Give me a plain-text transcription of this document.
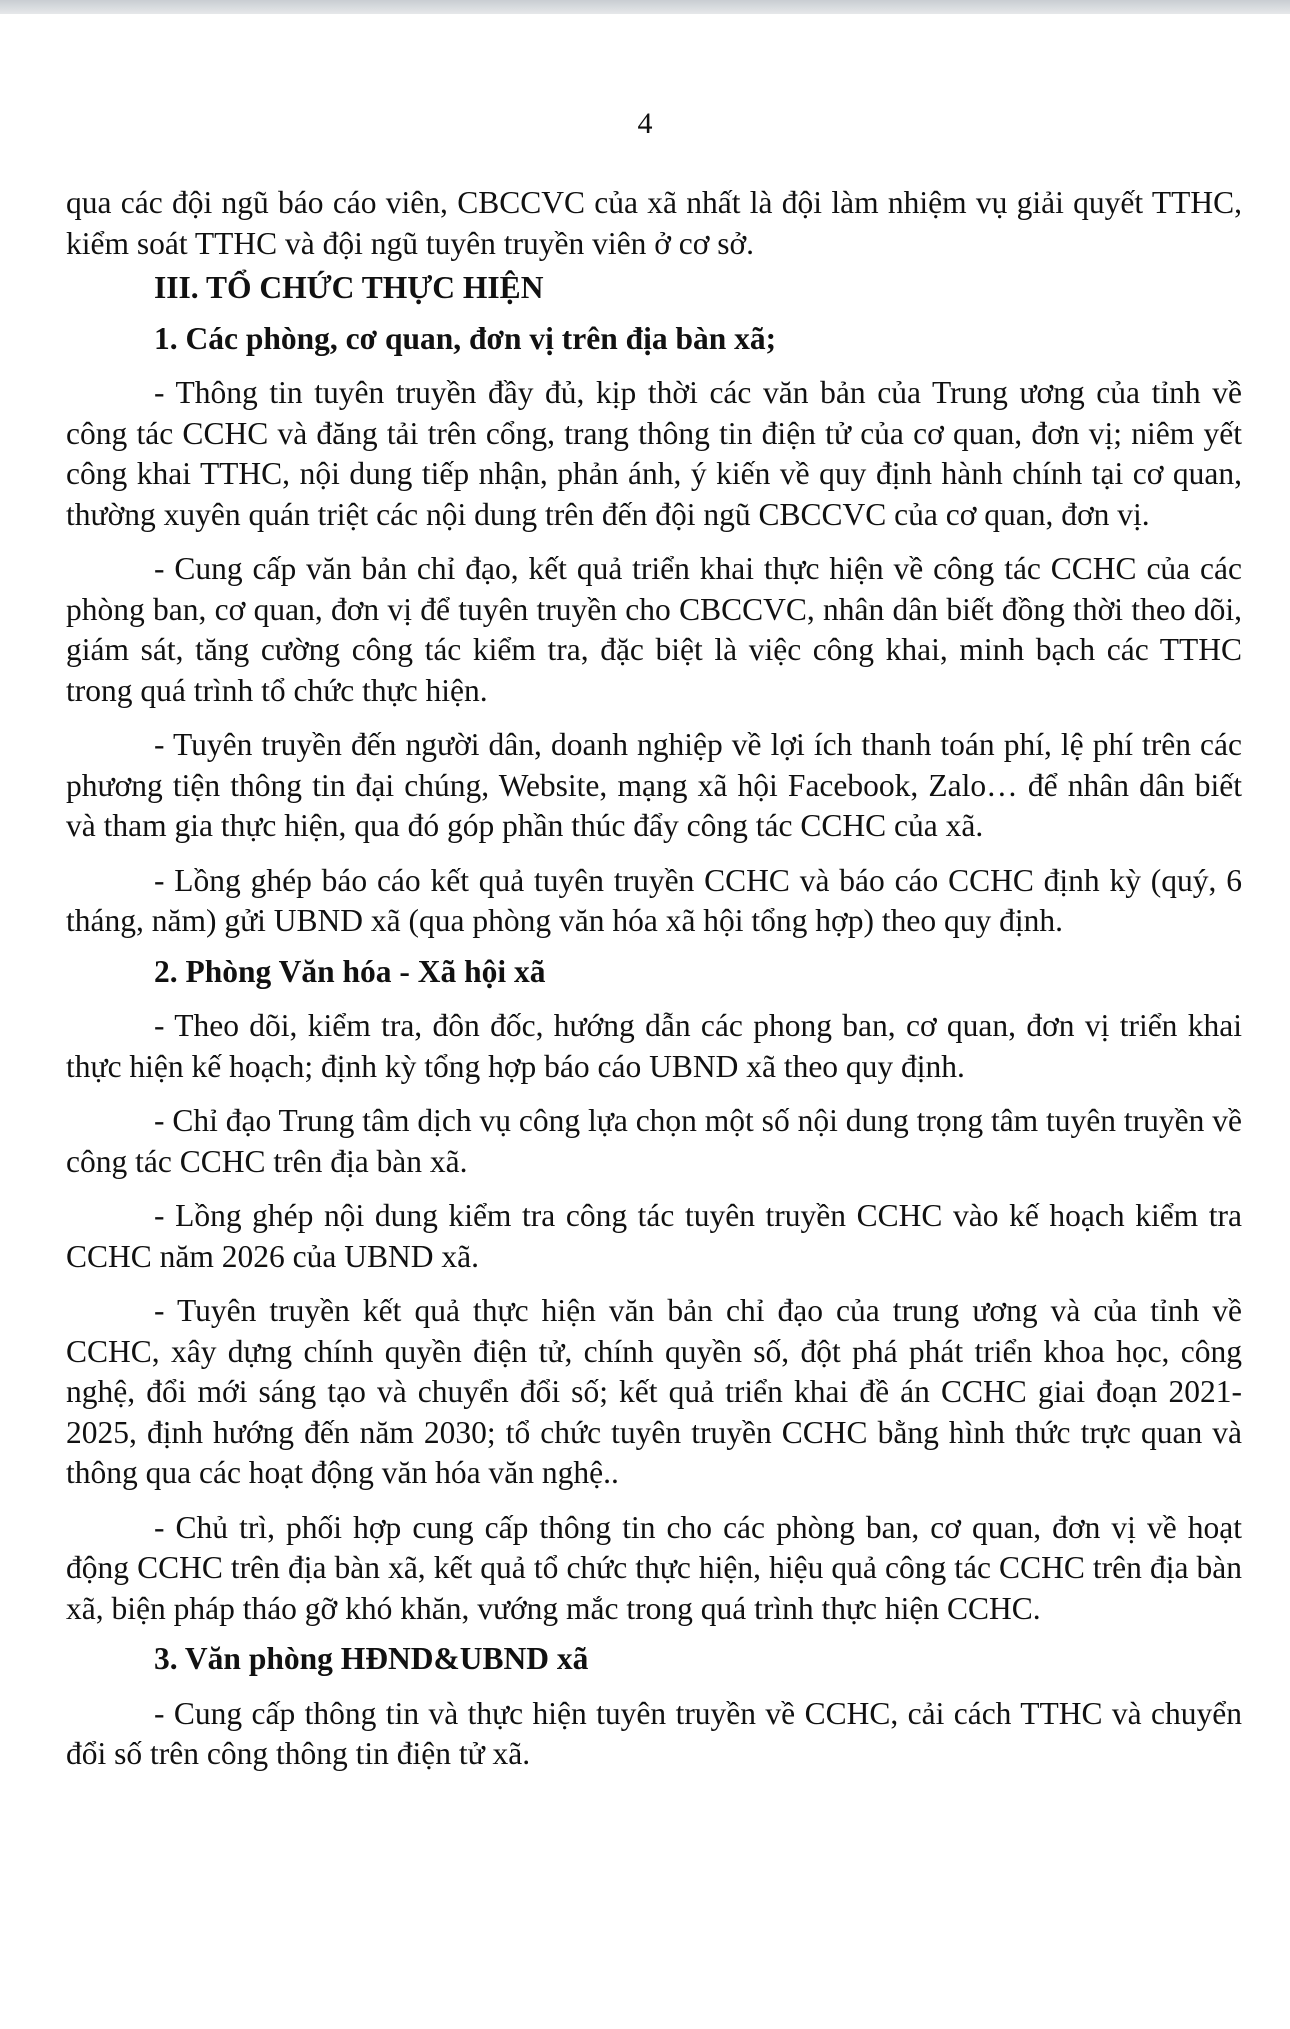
4

qua các đội ngũ báo cáo viên, CBCCVC của xã nhất là đội làm nhiệm vụ giải quyết TTHC, kiểm soát TTHC và đội ngũ tuyên truyền viên ở cơ sở.

III. TỔ CHỨC THỰC HIỆN
1. Các phòng, cơ quan, đơn vị trên địa bàn xã;

- Thông tin tuyên truyền đầy đủ, kịp thời các văn bản của Trung ương của tỉnh về công tác CCHC và đăng tải trên cổng, trang thông tin điện tử của cơ quan, đơn vị; niêm yết công khai TTHC, nội dung tiếp nhận, phản ánh, ý kiến về quy định hành chính tại cơ quan, thường xuyên quán triệt các nội dung trên đến đội ngũ CBCCVC của cơ quan, đơn vị.

- Cung cấp văn bản chỉ đạo, kết quả triển khai thực hiện về công tác CCHC của các phòng ban, cơ quan, đơn vị để tuyên truyền cho CBCCVC, nhân dân biết đồng thời theo dõi, giám sát, tăng cường công tác kiểm tra, đặc biệt là việc công khai, minh bạch các TTHC trong quá trình tổ chức thực hiện.

- Tuyên truyền đến người dân, doanh nghiệp về lợi ích thanh toán phí, lệ phí trên các phương tiện thông tin đại chúng, Website, mạng xã hội Facebook, Zalo… để nhân dân biết và tham gia thực hiện, qua đó góp phần thúc đẩy công tác CCHC của xã.

- Lồng ghép báo cáo kết quả tuyên truyền CCHC và báo cáo CCHC định kỳ (quý, 6 tháng, năm) gửi UBND xã (qua phòng văn hóa xã hội tổng hợp) theo quy định.

2. Phòng Văn hóa - Xã hội xã

- Theo dõi, kiểm tra, đôn đốc, hướng dẫn các phong ban, cơ quan, đơn vị triển khai thực hiện kế hoạch; định kỳ tổng hợp báo cáo UBND xã theo quy định.

- Chỉ đạo Trung tâm dịch vụ công lựa chọn một số nội dung trọng tâm tuyên truyền về công tác CCHC trên địa bàn xã.

- Lồng ghép nội dung kiểm tra công tác tuyên truyền CCHC vào kế hoạch kiểm tra CCHC năm 2026 của UBND xã.

- Tuyên truyền kết quả thực hiện văn bản chỉ đạo của trung ương và của tỉnh về CCHC, xây dựng chính quyền điện tử, chính quyền số, đột phá phát triển khoa học, công nghệ, đổi mới sáng tạo và chuyển đổi số; kết quả triển khai đề án CCHC giai đoạn 2021-2025, định hướng đến năm 2030; tổ chức tuyên truyền CCHC bằng hình thức trực quan và thông qua các hoạt động văn hóa văn nghệ..

- Chủ trì, phối hợp cung cấp thông tin cho các phòng ban, cơ quan, đơn vị về hoạt động CCHC trên địa bàn xã, kết quả tổ chức thực hiện, hiệu quả công tác CCHC trên địa bàn xã, biện pháp tháo gỡ khó khăn, vướng mắc trong quá trình thực hiện CCHC.

3. Văn phòng HĐND&UBND xã

- Cung cấp thông tin và thực hiện tuyên truyền về CCHC, cải cách TTHC và chuyển đổi số trên công thông tin điện tử xã.
